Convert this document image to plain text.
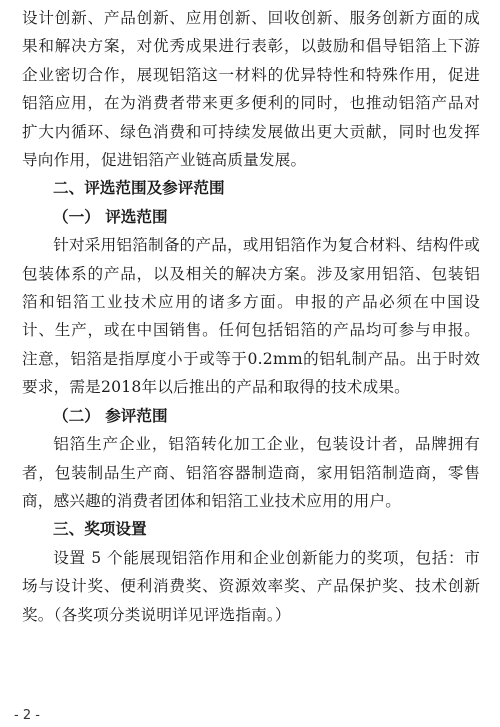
设计创新、产品创新、应用创新、回收创新、服务创新方面的成果和解决方案，对优秀成果进行表彰，以鼓励和倡导铝箔上下游企业密切合作，展现铝箔这一材料的优异特性和特殊作用，促进铝箔应用，在为消费者带来更多便利的同时，也推动铝箔产品对扩大内循环、绿色消费和可持续发展做出更大贡献，同时也发挥导向作用，促进铝箔产业链高质量发展。

二、评选范围及参评范围

（一） 评选范围

针对采用铝箔制备的产品，或用铝箔作为复合材料、结构件或包装体系的产品，以及相关的解决方案。涉及家用铝箔、包装铝箔和铝箔工业技术应用的诸多方面。申报的产品必须在中国设计、生产，或在中国销售。任何包括铝箔的产品均可参与申报。注意，铝箔是指厚度小于或等于0.2mm的铝轧制产品。出于时效要求，需是2018年以后推出的产品和取得的技术成果。

（二） 参评范围

铝箔生产企业，铝箔转化加工企业，包装设计者，品牌拥有者，包装制品生产商、铝箔容器制造商，家用铝箔制造商，零售商，感兴趣的消费者团体和铝箔工业技术应用的用户。

三、奖项设置

设置 5 个能展现铝箔作用和企业创新能力的奖项，包括：市场与设计奖、便利消费奖、资源效率奖、产品保护奖、技术创新奖。（各奖项分类说明详见评选指南。）

- 2 -
